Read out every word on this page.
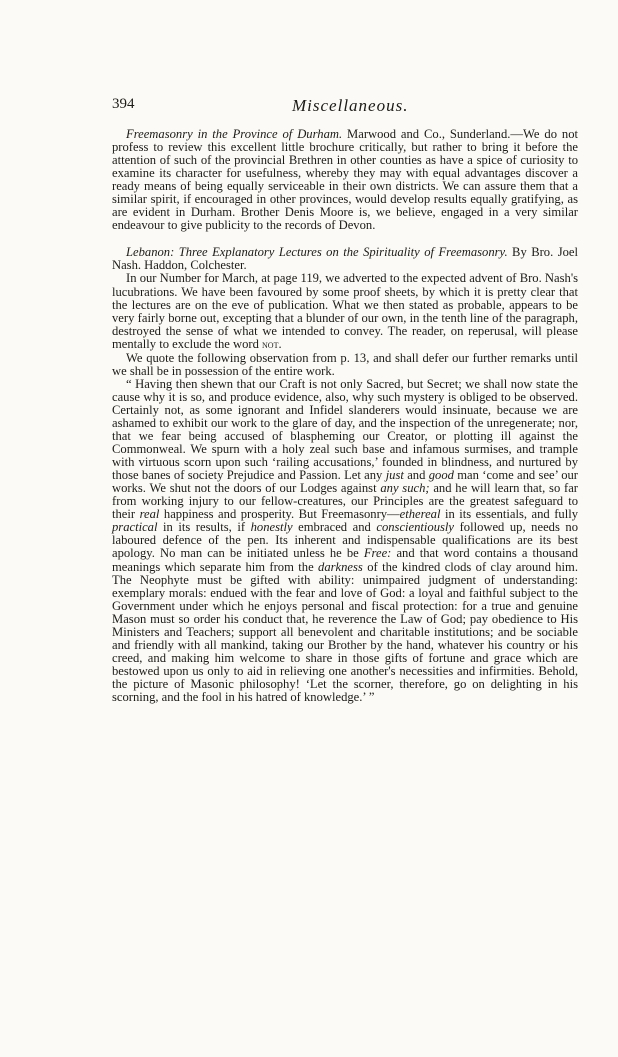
394	Miscellaneous.

Freemasonry in the Province of Durham. Marwood and Co., Sunderland.—We do not profess to review this excellent little brochure critically, but rather to bring it before the attention of such of the provincial Brethren in other counties as have a spice of curiosity to examine its character for usefulness, whereby they may with equal advantages discover a ready means of being equally serviceable in their own districts. We can assure them that a similar spirit, if encouraged in other provinces, would develop results equally gratifying, as are evident in Durham. Brother Denis Moore is, we believe, engaged in a very similar endeavour to give publicity to the records of Devon.

Lebanon: Three Explanatory Lectures on the Spirituality of Freemasonry. By Bro. Joel Nash. Haddon, Colchester.

In our Number for March, at page 119, we adverted to the expected advent of Bro. Nash's lucubrations. We have been favoured by some proof sheets, by which it is pretty clear that the lectures are on the eve of publication. What we then stated as probable, appears to be very fairly borne out, excepting that a blunder of our own, in the tenth line of the paragraph, destroyed the sense of what we intended to convey. The reader, on reperusal, will please mentally to exclude the word not.

We quote the following observation from p. 13, and shall defer our further remarks until we shall be in possession of the entire work.

“ Having then shewn that our Craft is not only Sacred, but Secret; we shall now state the cause why it is so, and produce evidence, also, why such mystery is obliged to be observed. Certainly not, as some ignorant and Infidel slanderers would insinuate, because we are ashamed to exhibit our work to the glare of day, and the inspection of the unregenerate; nor, that we fear being accused of blaspheming our Creator, or plotting ill against the Commonweal. We spurn with a holy zeal such base and infamous surmises, and trample with virtuous scorn upon such ‘railing accusations,’ founded in blindness, and nurtured by those banes of society Prejudice and Passion. Let any just and good man ‘come and see’ our works. We shut not the doors of our Lodges against any such; and he will learn that, so far from working injury to our fellow-creatures, our Principles are the greatest safeguard to their real happiness and prosperity. But Freemasonry—ethereal in its essentials, and fully practical in its results, if honestly embraced and conscientiously followed up, needs no laboured defence of the pen. Its inherent and indispensable qualifications are its best apology. No man can be initiated unless he be Free: and that word contains a thousand meanings which separate him from the darkness of the kindred clods of clay around him. The Neophyte must be gifted with ability: unimpaired judgment of understanding: exemplary morals: endued with the fear and love of God: a loyal and faithful subject to the Government under which he enjoys personal and fiscal protection: for a true and genuine Mason must so order his conduct that, he reverence the Law of God; pay obedience to His Ministers and Teachers; support all benevolent and charitable institutions; and be sociable and friendly with all mankind, taking our Brother by the hand, whatever his country or his creed, and making him welcome to share in those gifts of fortune and grace which are bestowed upon us only to aid in relieving one another's necessities and infirmities. Behold, the picture of Masonic philosophy! ‘Let the scorner, therefore, go on delighting in his scorning, and the fool in his hatred of knowledge.’ ”
